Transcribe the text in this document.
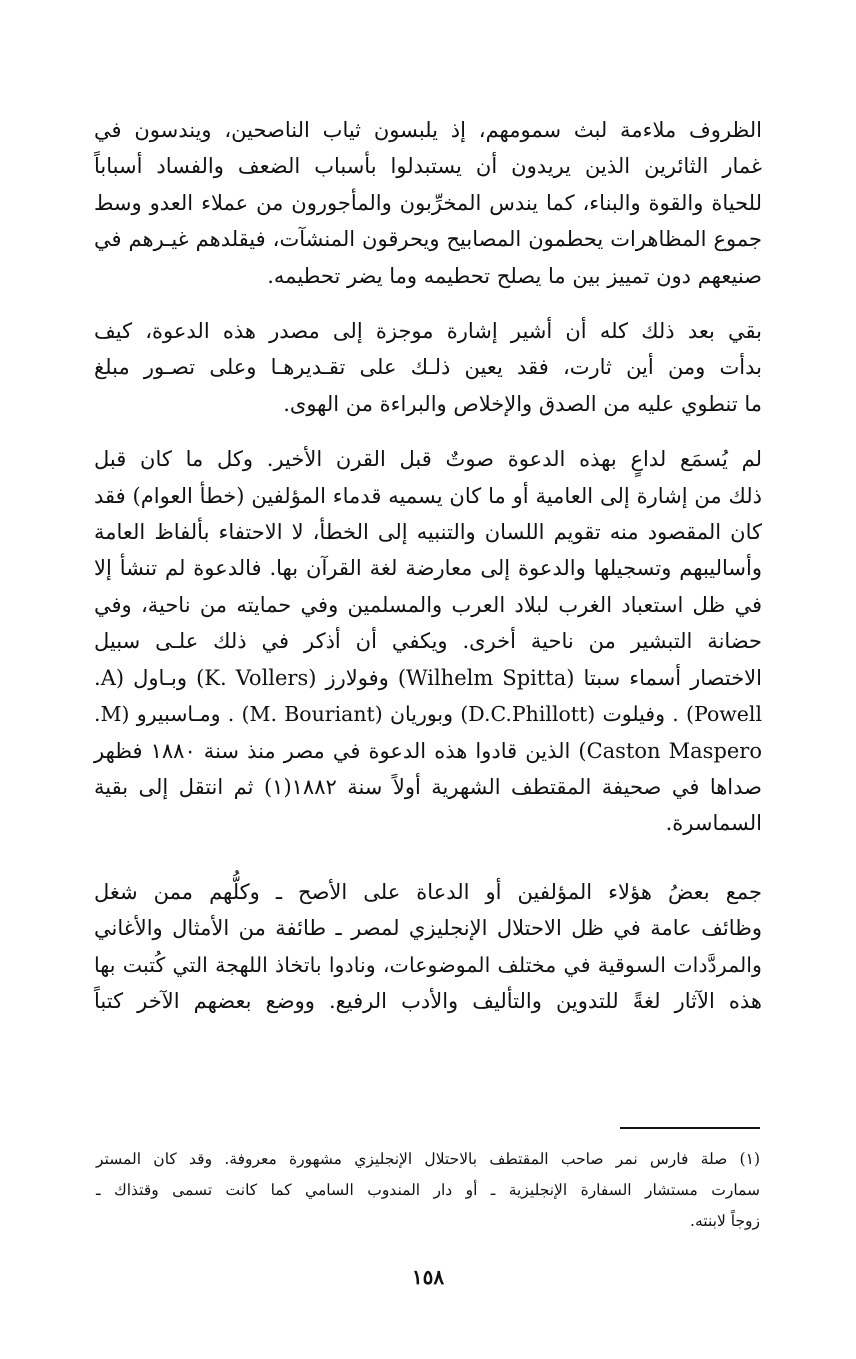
الظروف ملاءمة لبث سمومهم، إذ يلبسون ثياب الناصحين، ويندسون في
غمار الثائرين الذين يريدون أن يستبدلوا بأسباب الضعف والفساد أسباباً
للحياة والقوة والبناء، كما يندس المخرِّبون والمأجورون من عملاء العدو وسط
جموع المظاهرات يحطمون المصابيح ويحرقون المنشآت، فيقلدهم غيـرهم في
صنيعهم دون تمييز بين ما يصلح تحطيمه وما يضر تحطيمه.

بقي بعد ذلك كله أن أشير إشارة موجزة إلى مصدر هذه الدعوة، كيف
بدأت ومن أين ثارت، فقد يعين ذلـك على تقـديرهـا وعلى تصـور مبلغ
ما تنطوي عليه من الصدق والإخلاص والبراءة من الهوى.

لم يُسمَع لداعٍ بهذه الدعوة صوتٌ قبل القرن الأخير. وكل ما كان قبل
ذلك من إشارة إلى العامية أو ما كان يسميه قدماء المؤلفين (خطأ العوام) فقد
كان المقصود منه تقويم اللسان والتنبيه إلى الخطأ، لا الاحتفاء بألفاظ العامة
وأساليبهم وتسجيلها والدعوة إلى معارضة لغة القرآن بها. فالدعوة لم تنشأ إلا
في ظل استعباد الغرب لبلاد العرب والمسلمين وفي حمايته من ناحية، وفي
حضانة التبشير من ناحية أخرى. ويكفي أن أذكر في ذلك علـى سبيل
الاختصار أسماء سبتا (Wilhelm Spitta) وفولارز (K. Vollers) وبـاول (A.
Powell) . وفيلوت (D.C.Phillott) وبوريان (M. Bouriant) . ومـاسبيرو (M.
Caston Maspero) الذين قادوا هذه الدعوة في مصر منذ سنة ١٨٨٠ فظهر
صداها في صحيفة المقتطف الشهرية أولاً سنة ١٨٨٢(١) ثم انتقل إلى بقية
السماسرة.

جمع بعضُ هؤلاء المؤلفين أو الدعاة على الأصح ـ وكلُّهم ممن شغل
وظائف عامة في ظل الاحتلال الإنجليزي لمصر ـ طائفة من الأمثال والأغاني
والمردَّدات السوقية في مختلف الموضوعات، ونادوا باتخاذ اللهجة التي كُتبت بها
هذه الآثار لغةً للتدوين والتأليف والأدب الرفيع. ووضع بعضهم الآخر كتباً

(١) صلة فارس نمر صاحب المقتطف بالاحتلال الإنجليزي مشهورة معروفة. وقد كان المستر
سمارت مستشار السفارة الإنجليزية ـ أو دار المندوب السامي كما كانت تسمى وقتذاك ـ
زوجاً لابنته.
١٥٨
